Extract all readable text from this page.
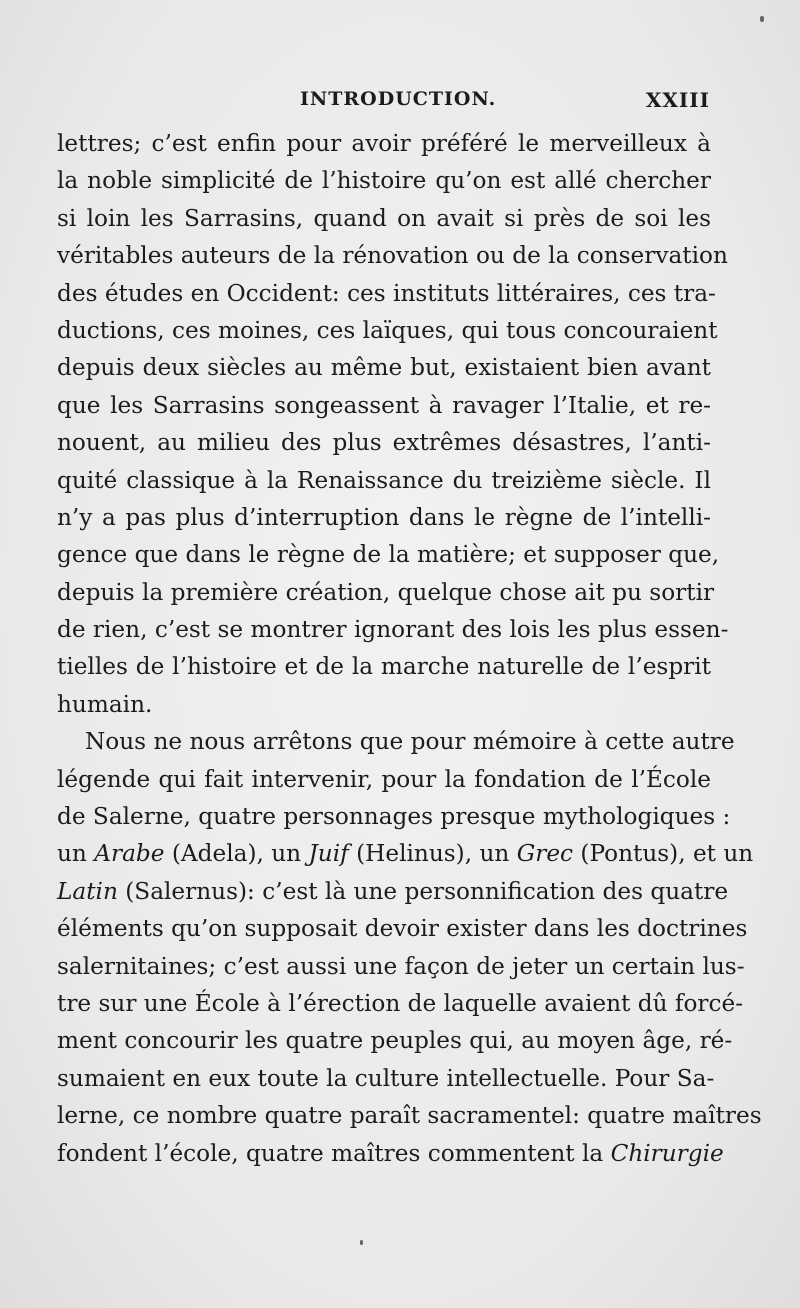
INTRODUCTION.	XXIII
lettres; c’est enfin pour avoir préféré le merveilleux à
la noble simplicité de l’histoire qu’on est allé chercher
si loin les Sarrasins, quand on avait si près de soi les
véritables auteurs de la rénovation ou de la conservation
des études en Occident: ces instituts littéraires, ces tra-
ductions, ces moines, ces laïques, qui tous concouraient
depuis deux siècles au même but, existaient bien avant
que les Sarrasins songeassent à ravager l’Italie, et re-
nouent, au milieu des plus extrêmes désastres, l’anti-
quité classique à la Renaissance du treizième siècle. Il
n’y a pas plus d’interruption dans le règne de l’intelli-
gence que dans le règne de la matière; et supposer que,
depuis la première création, quelque chose ait pu sortir
de rien, c’est se montrer ignorant des lois les plus essen-
tielles de l’histoire et de la marche naturelle de l’esprit
humain.
Nous ne nous arrêtons que pour mémoire à cette autre
légende qui fait intervenir, pour la fondation de l’École
de Salerne, quatre personnages presque mythologiques :
un Arabe (Adela), un Juif (Helinus), un Grec (Pontus), et un
Latin (Salernus): c’est là une personnification des quatre
éléments qu’on supposait devoir exister dans les doctrines
salernitaines; c’est aussi une façon de jeter un certain lus-
tre sur une École à l’érection de laquelle avaient dû forcé-
ment concourir les quatre peuples qui, au moyen âge, ré-
sumaient en eux toute la culture intellectuelle. Pour Sa-
lerne, ce nombre quatre paraît sacramentel: quatre maîtres
fondent l’école, quatre maîtres commentent la Chirurgie
